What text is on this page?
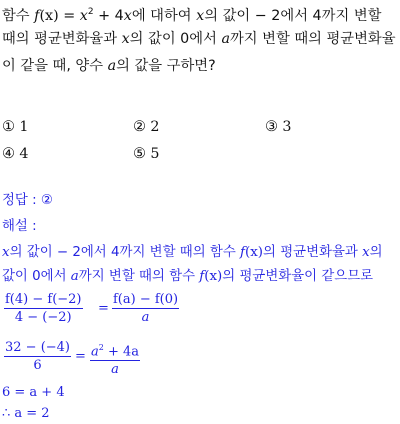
함수 $f(x) = x^2 + 4x$에 대하여 x의 값이 − 2에서 4까지 변할
때의 평균변화율과 x의 값이 0에서 a까지 변할 때의 평균변화율
이 같을 때, 양수 a의 값을 구하면?
① 1	② 2	③ 3
④ 4	⑤ 5
정답 : ②
해설 :
x의 값이 − 2에서 4까지 변할 때의 함수 f(x)의 평균변화율과 x의
값이 0에서 a까지 변할 때의 함수 f(x)의 평균변화율이 같으므로
f(4) − f(−2)
4 − (−2)
=
f(a) − f(0)
a
32 − (−4)
6
= $a^2 + 4a$
a
6 = a + 4
∴ a = 2
